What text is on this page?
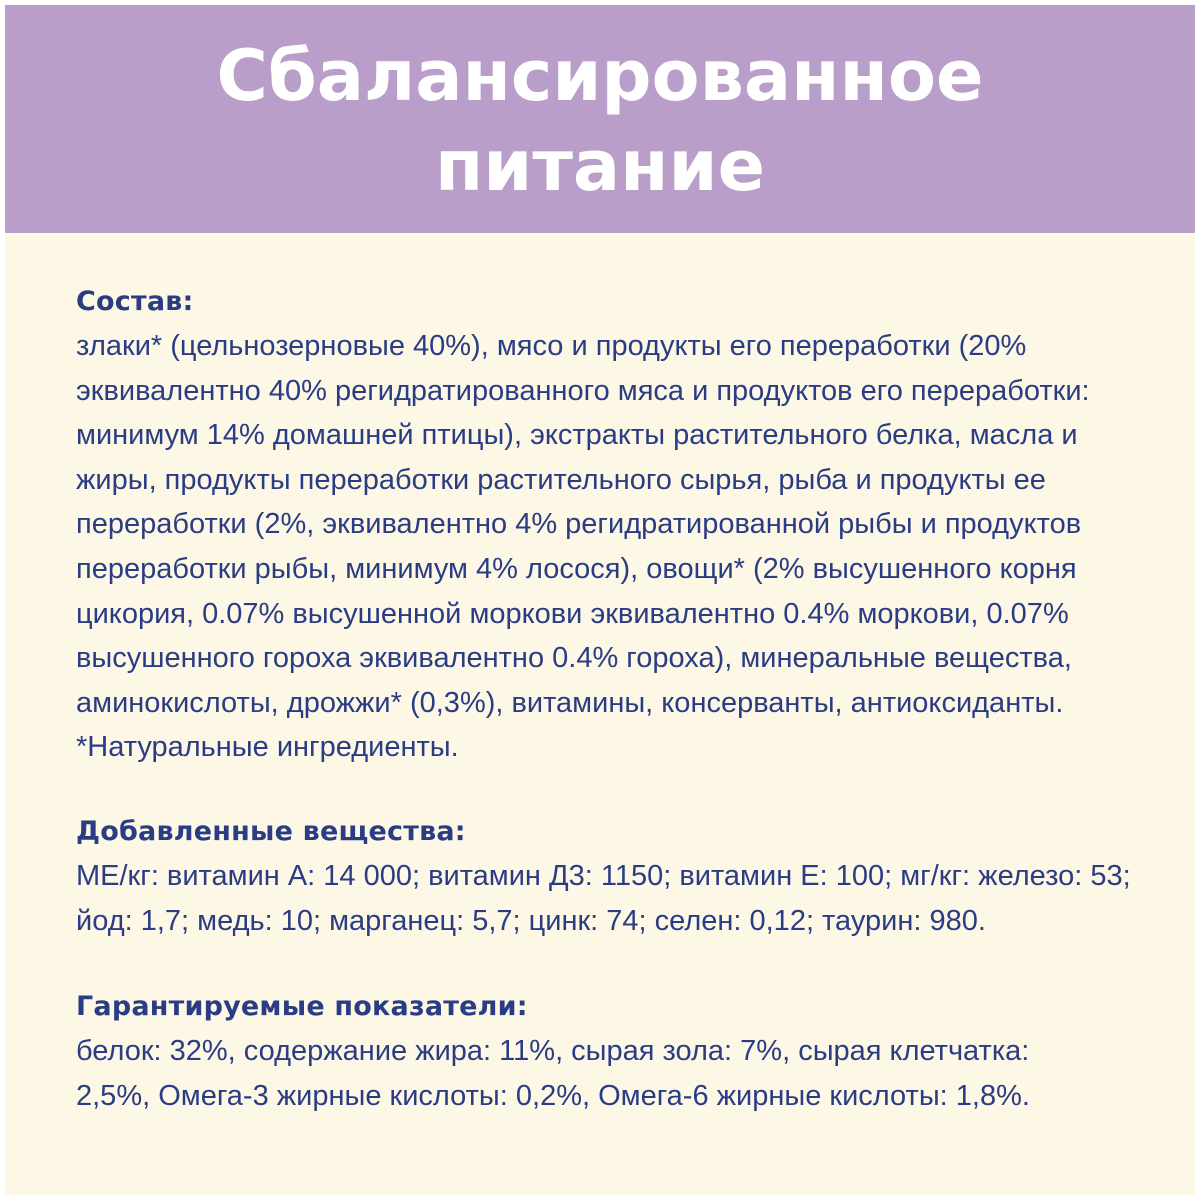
Сбалансированное
питание
Состав:

злаки* (цельнозерновые 40%), мясо и продукты его переработки (20%
эквивалентно 40% регидратированного мяса и продуктов его переработки:
минимум 14% домашней птицы), экстракты растительного белка, масла и
жиры, продукты переработки растительного сырья, рыба и продукты ее
переработки (2%, эквивалентно 4% регидратированной рыбы и продуктов
переработки рыбы, минимум 4% лосося), овощи* (2% высушенного корня
цикория, 0.07% высушенной моркови эквивалентно 0.4% моркови, 0.07%
высушенного гороха эквивалентно 0.4% гороха), минеральные вещества,
аминокислоты, дрожжи* (0,3%), витамины, консерванты, антиоксиданты.
*Натуральные ингредиенты.

Добавленные вещества:

МЕ/кг: витамин А: 14 000; витамин Д3: 1150; витамин Е: 100; мг/кг: железо: 53;
йод: 1,7; медь: 10; марганец: 5,7; цинк: 74; селен: 0,12; таурин: 980.

Гарантируемые показатели:

белок: 32%, содержание жира: 11%, сырая зола: 7%, сырая клетчатка:
2,5%, Омега-3 жирные кислоты: 0,2%, Омега-6 жирные кислоты: 1,8%.
